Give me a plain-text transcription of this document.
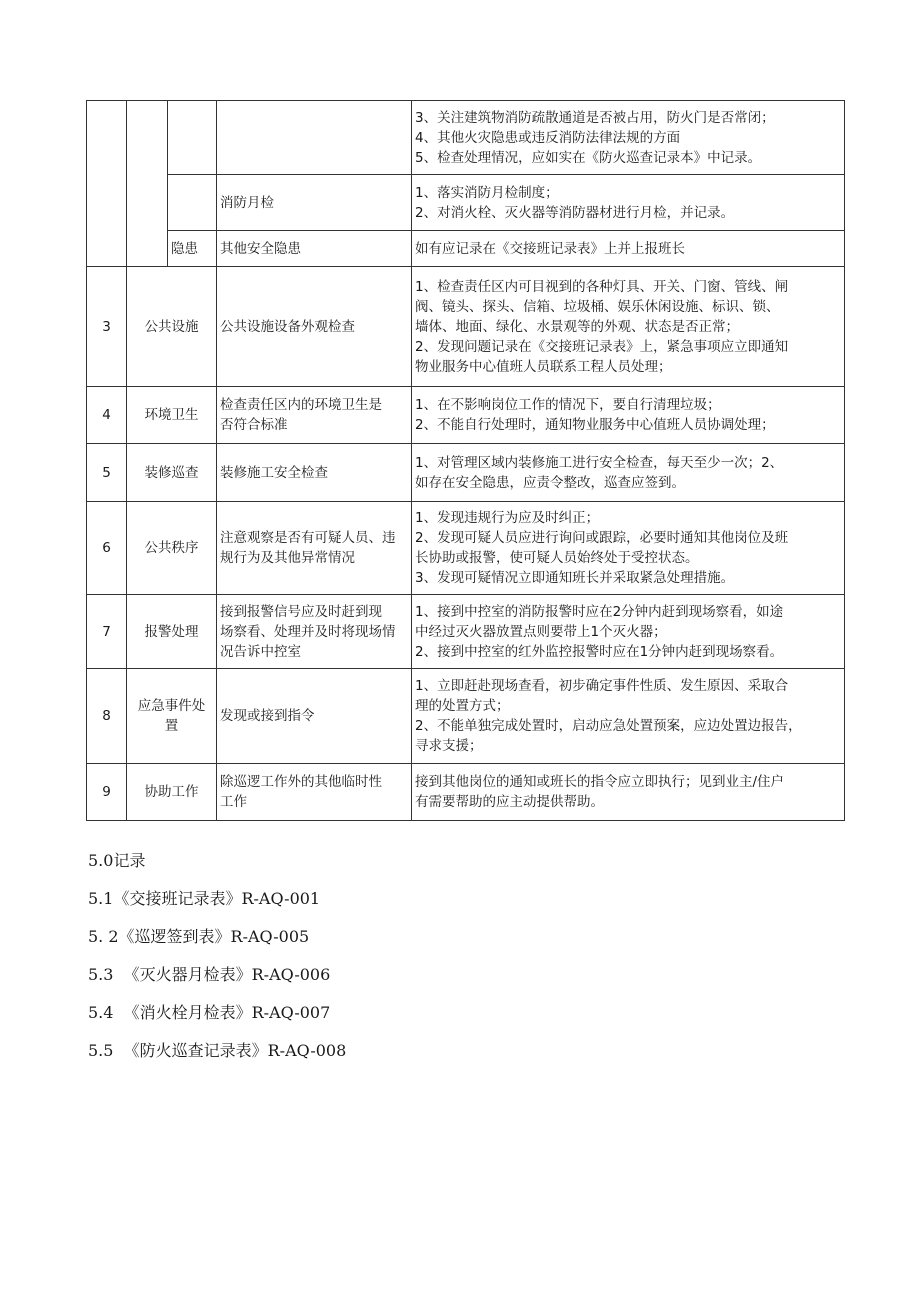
				3、关注建筑物消防疏散通道是否被占用，防火门是否常闭；
4、其他火灾隐患或违反消防法律法规的方面
5、检查处理情况，应如实在《防火巡查记录本》中记录。

			消防月检	1、落实消防月检制度；
2、对消火栓、灭火器等消防器材进行月检，并记录。

		隐患	其他安全隐患	如有应记录在《交接班记录表》上并上报班长

3	公共设施		公共设施设备外观检查	1、检查责任区内可目视到的各种灯具、开关、门窗、管线、闸
阀、镜头、探头、信箱、垃圾桶、娱乐休闲设施、标识、锁、
墙体、地面、绿化、水景观等的外观、状态是否正常；
2、发现问题记录在《交接班记录表》上，紧急事项应立即通知
物业服务中心值班人员联系工程人员处理；

4	环境卫生		检查责任区内的环境卫生是
否符合标准	1、在不影响岗位工作的情况下，要自行清理垃圾；
2、不能自行处理时，通知物业服务中心值班人员协调处理；

5	装修巡查		装修施工安全检查	1、对管理区域内装修施工进行安全检查，每天至少一次；2、
如存在安全隐患，应责令整改，巡查应签到。

6	公共秩序		注意观察是否有可疑人员、违
规行为及其他异常情况	1、发现违规行为应及时纠正；
2、发现可疑人员应进行询问或跟踪，必要时通知其他岗位及班
长协助或报警，使可疑人员始终处于受控状态。
3、发现可疑情况立即通知班长并采取紧急处理措施。

7	报警处理		接到报警信号应及时赶到现
场察看、处理并及时将现场情
况告诉中控室	1、接到中控室的消防报警时应在2分钟内赶到现场察看，如途
中经过灭火器放置点则要带上1个灭火器；
2、接到中控室的红外监控报警时应在1分钟内赶到现场察看。

8	应急事件处
置		发现或接到指令	1、立即赶赴现场查看，初步确定事件性质、发生原因、采取合
理的处置方式；
2、不能单独完成处置时，启动应急处置预案，应边处置边报告，
寻求支援；

9	协助工作		除巡逻工作外的其他临时性
工作	接到其他岗位的通知或班长的指令应立即执行；见到业主/住户
有需要帮助的应主动提供帮助。
5.0记录
5.1《交接班记录表》R-AQ-001
5. 2《巡逻签到表》R-AQ-005
5.3  《灭火器月检表》R-AQ-006
5.4  《消火栓月检表》R-AQ-007
5.5  《防火巡查记录表》R-AQ-008
